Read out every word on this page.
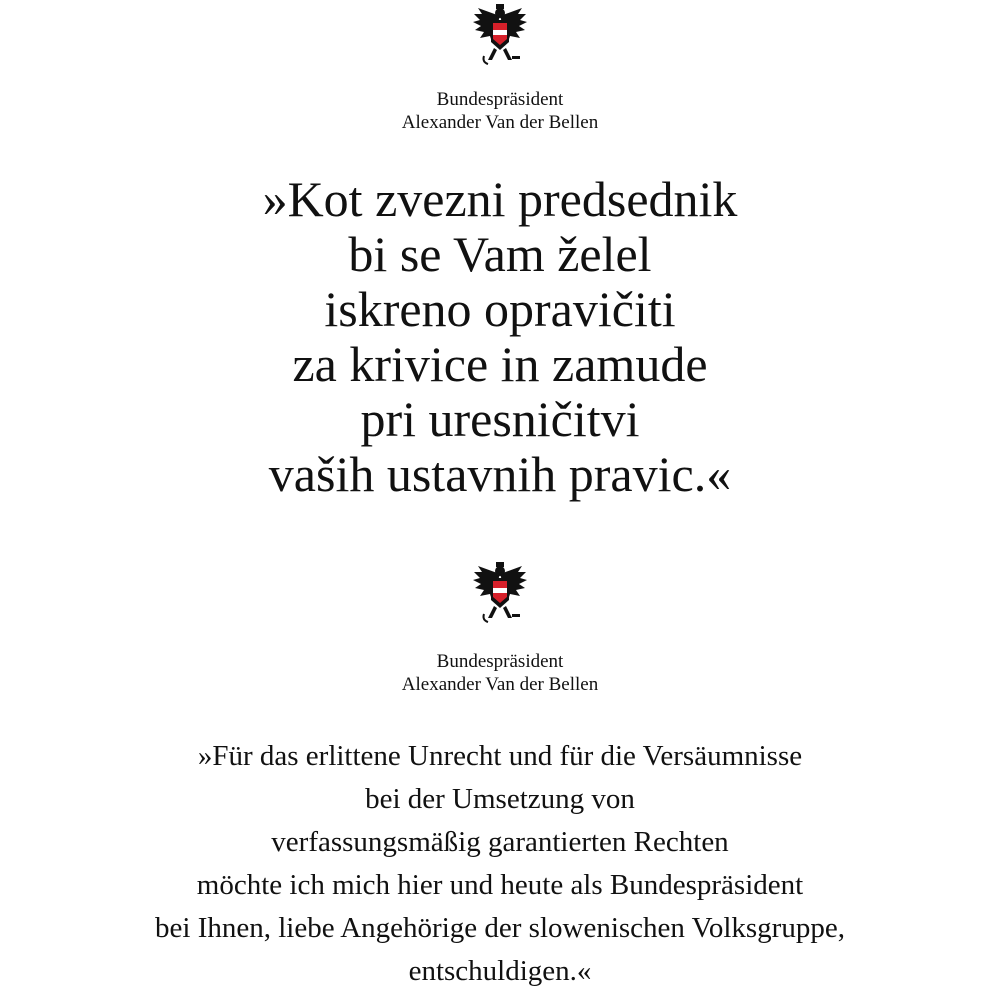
Bundespräsident
Alexander Van der Bellen
»Kot zvezni predsednik
bi se Vam želel
iskreno opravičiti
za krivice in zamude
pri uresničitvi
vaših ustavnih pravic.«
Bundespräsident
Alexander Van der Bellen
»Für das erlittene Unrecht und für die Versäumnisse
bei der Umsetzung von
verfassungsmäßig garantierten Rechten
möchte ich mich hier und heute als Bundespräsident
bei Ihnen, liebe Angehörige der slowenischen Volksgruppe,
entschuldigen.«
